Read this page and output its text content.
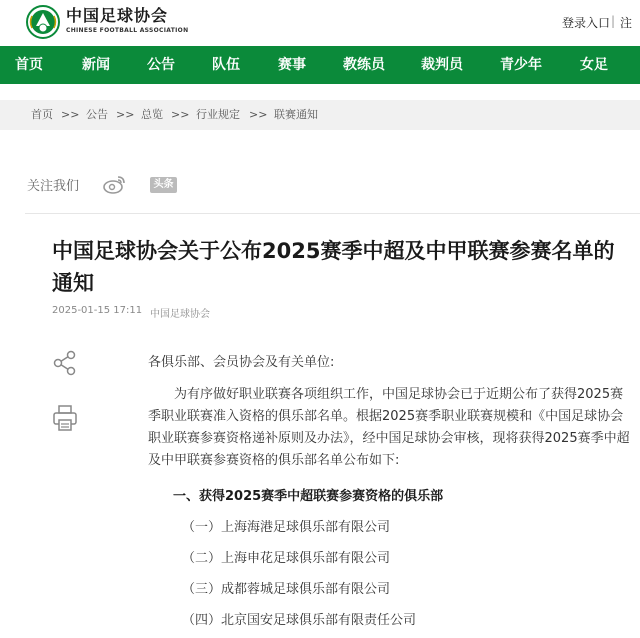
中国足球协会
CHINESE FOOTBALL ASSOCIATION
登录入口 | 注
首页	新闻	公告	队伍	赛事	教练员	裁判员	青少年	女足
首页 >> 公告 >> 总览 >> 行业规定 >> 联赛通知
关注我们	头条
中国足球协会关于公布2025赛季中超及中甲联赛参赛名单的通知
2025-01-15 17:11 中国足球协会
各俱乐部、会员协会及有关单位:
为有序做好职业联赛各项组织工作，中国足球协会已于近期公布了获得2025赛季职业联赛准入资格的俱乐部名单。根据2025赛季职业联赛规模和《中国足球协会职业联赛参赛资格递补原则及办法》，经中国足球协会审核，现将获得2025赛季中超及中甲联赛参赛资格的俱乐部名单公布如下:
一、获得2025赛季中超联赛参赛资格的俱乐部
（一）上海海港足球俱乐部有限公司
（二）上海申花足球俱乐部有限公司
（三）成都蓉城足球俱乐部有限公司
（四）北京国安足球俱乐部有限责任公司
